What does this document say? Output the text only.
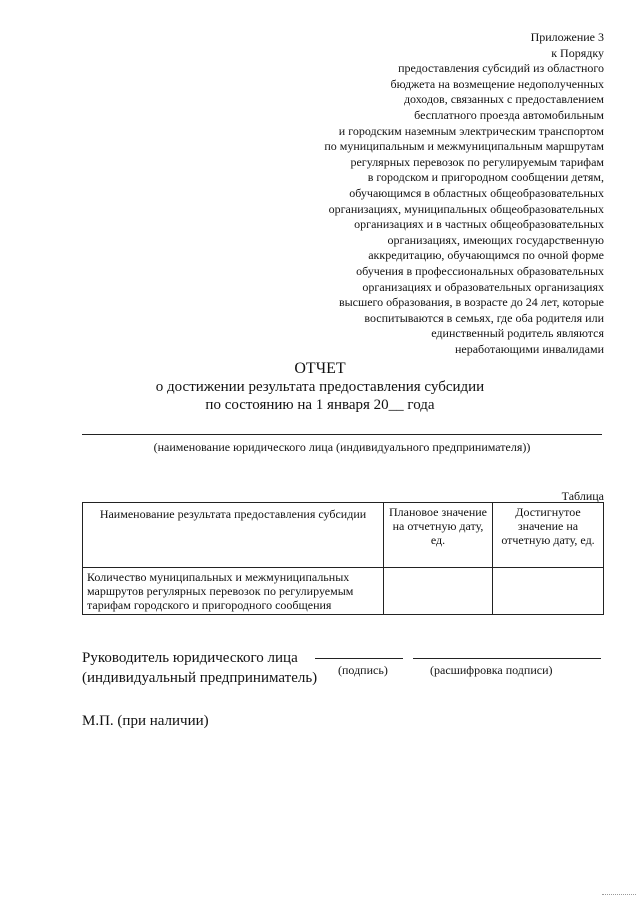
Приложение 3
к Порядку
предоставления субсидий из областного
бюджета на возмещение недополученных
доходов, связанных с предоставлением
бесплатного проезда автомобильным
и городским наземным электрическим транспортом
по муниципальным и межмуниципальным маршрутам
регулярных перевозок по регулируемым тарифам
в городском и пригородном сообщении детям,
обучающимся в областных общеобразовательных
организациях, муниципальных общеобразовательных
организациях и в частных общеобразовательных
организациях, имеющих государственную
аккредитацию, обучающимся по очной форме
обучения в профессиональных образовательных
организациях и образовательных организациях
высшего образования, в возрасте до 24 лет, которые
воспитываются в семьях, где оба родителя или
единственный родитель являются
неработающими инвалидами
ОТЧЕТ
о достижении результата предоставления субсидии
по состоянию на 1 января 20__ года
(наименование юридического лица (индивидуального предпринимателя))
Таблица
Наименование результата предоставления субсидии	Плановое значение на отчетную дату, ед.	Достигнутое значение на отчетную дату, ед.
Количество муниципальных и межмуниципальных маршрутов регулярных перевозок по регулируемым тарифам городского и пригородного сообщения		
Руководитель юридического лица
(индивидуальный предприниматель) (подпись)	(расшифровка подписи)
М.П. (при наличии)
